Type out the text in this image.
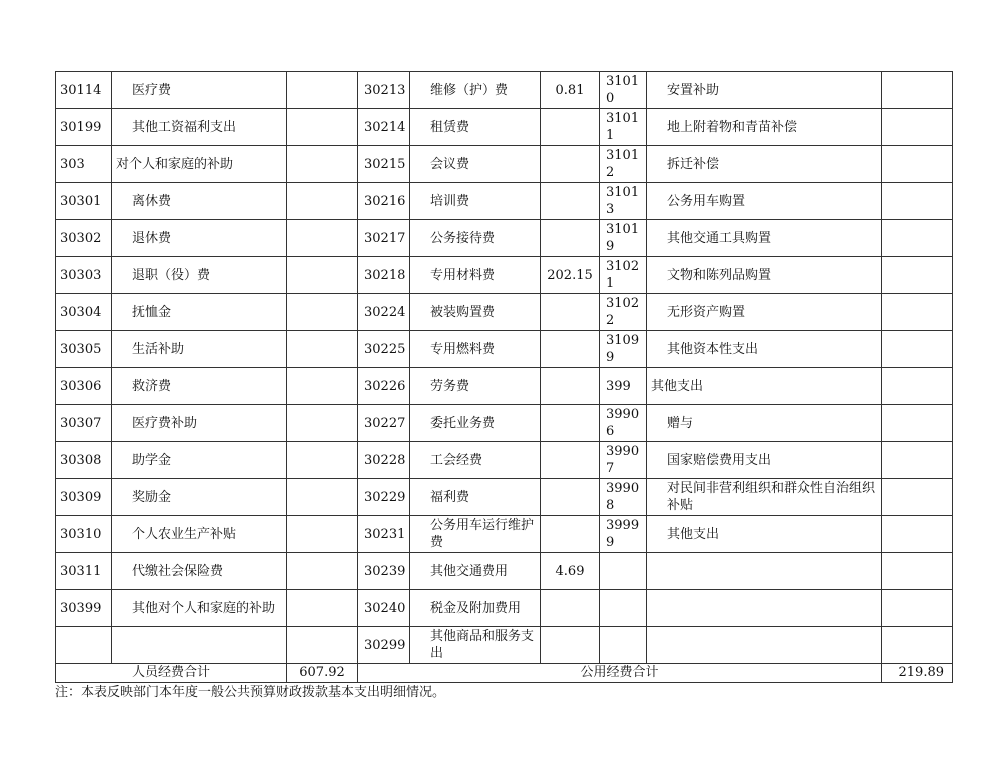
30114	医疗费		30213	维修（护）费	0.81	31010	安置补助	
30199	其他工资福利支出		30214	租赁费		31011	地上附着物和青苗补偿	
303	对个人和家庭的补助		30215	会议费		31012	拆迁补偿	
30301	离休费		30216	培训费		31013	公务用车购置	
30302	退休费		30217	公务接待费		31019	其他交通工具购置	
30303	退职（役）费		30218	专用材料费	202.15	31021	文物和陈列品购置	
30304	抚恤金		30224	被装购置费		31022	无形资产购置	
30305	生活补助		30225	专用燃料费		31099	其他资本性支出	
30306	救济费		30226	劳务费		399	其他支出	
30307	医疗费补助		30227	委托业务费		39906	赠与	
30308	助学金		30228	工会经费		39907	国家赔偿费用支出	
30309	奖励金		30229	福利费		39908	对民间非营利组织和群众性自治组织补贴	
30310	个人农业生产补贴		30231	公务用车运行维护费		39999	其他支出	
30311	代缴社会保险费		30239	其他交通费用	4.69			
30399	其他对个人和家庭的补助		30240	税金及附加费用				
			30299	其他商品和服务支出				
人员经费合计		607.92	公用经费合计					219.89
注：本表反映部门本年度一般公共预算财政拨款基本支出明细情况。
